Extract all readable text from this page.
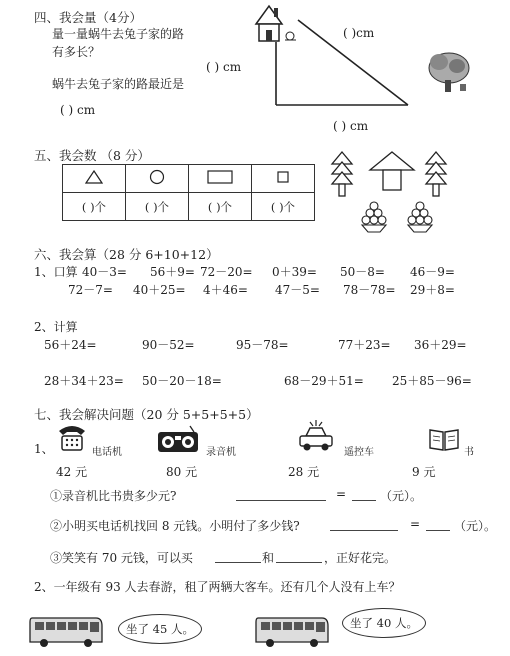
四、我会量（4分）
量一量蜗牛去兔子家的路
有多长？
蜗牛去兔子家的路最近是
( ) cm
( )cm
( ) cm
( ) cm
五、我会数 （8 分）

( )个	( )个	( )个	( )个
六、我会算（28 分 6+10+12）
1、口算 40－3= 56＋9= 72－20= 0＋39= 50－8= 46－9=
72－7= 40＋25= 4＋46= 47－5= 78－78= 29＋8=
2、计算
56＋24=	90－52=	95－78=	77＋23= 36＋29=
28＋34＋23= 50－20－18=	68－29＋51= 25＋85－96=
七、我会解决问题（20 分 5+5+5+5）
1、	电话机	录音机	遥控车	书
42 元	80 元	28 元	9 元
①录音机比书贵多少元?	=	（元）。
②小明买电话机找回 8 元钱。小明付了多少钱?	=	（元）。
③笑笑有 70 元钱，可以买	和	，正好花完。
2、一年级有 93 人去春游，租了两辆大客车。还有几个人没有上车？
坐了 45 人。	坐了 40 人。
